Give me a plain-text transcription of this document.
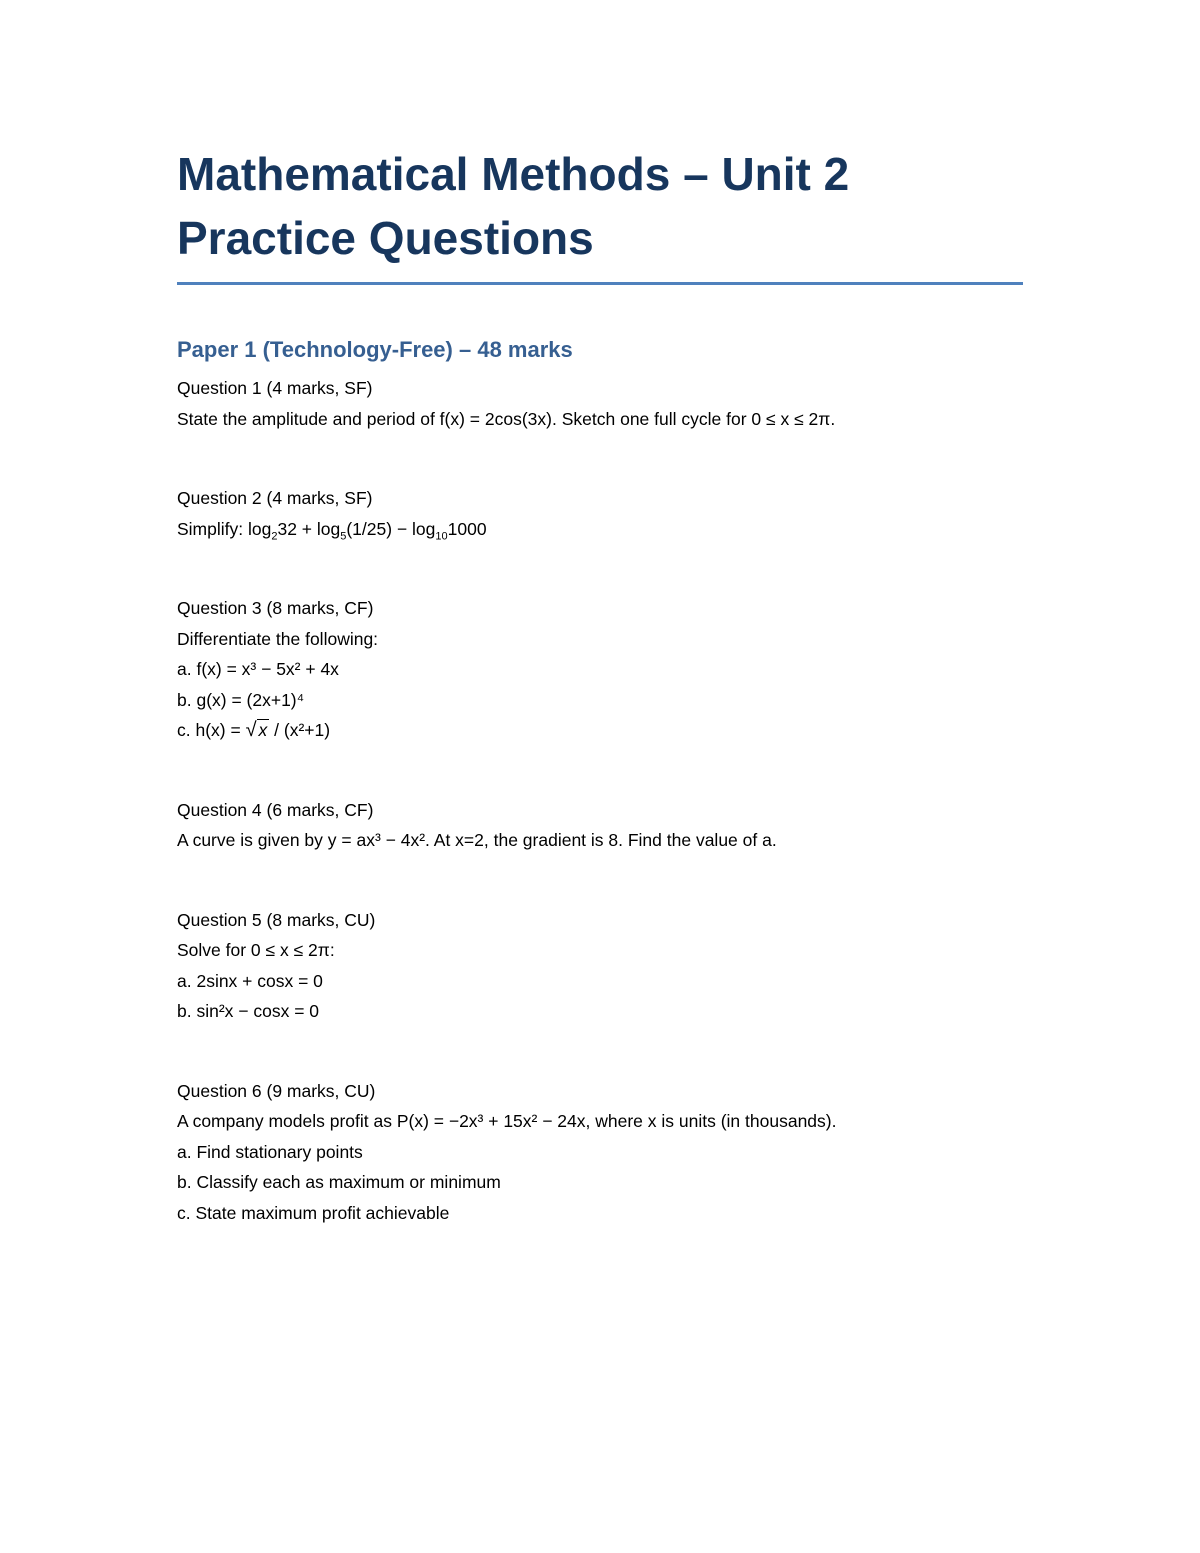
Mathematical Methods – Unit 2
Practice Questions
Paper 1 (Technology-Free) – 48 marks
Question 1 (4 marks, SF)
State the amplitude and period of f(x) = 2cos(3x). Sketch one full cycle for 0 ≤ x ≤ 2π.
Question 2 (4 marks, SF)
Simplify: $\log_232 + \log_5(1/25) - \log_{10}1000$
Question 3 (8 marks, CF)
Differentiate the following:
a. f(x) = x³ − 5x² + 4x
b. g(x) = (2x+1)⁴
c. h(x) = √ x / (x²+1)
Question 4 (6 marks, CF)
A curve is given by y = ax³ − 4x². At x=2, the gradient is 8. Find the value of a.
Question 5 (8 marks, CU)
Solve for 0 ≤ x ≤ 2π:
a. 2sinx + cosx = 0
b. sin²x − cosx = 0
Question 6 (9 marks, CU)
A company models profit as P(x) = −2x³ + 15x² − 24x, where x is units (in thousands).
a. Find stationary points
b. Classify each as maximum or minimum
c. State maximum profit achievable
